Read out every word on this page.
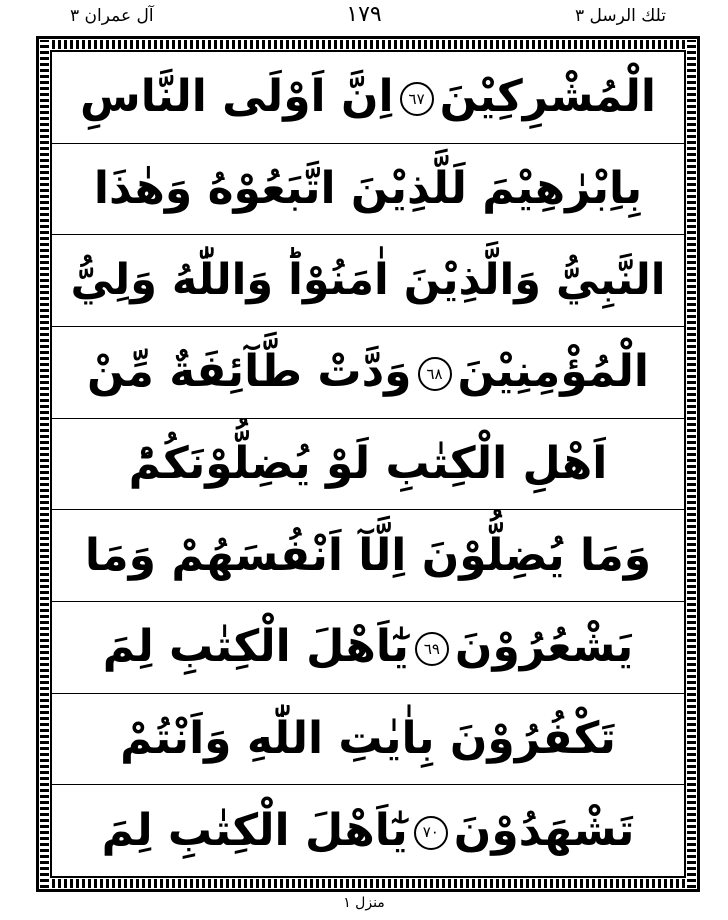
آل عمران ۳	١٧٩	تلك الرسل ۳
الْمُشْرِكِيْنَ٦٧اِنَّ اَوْلَى النَّاسِ
بِاِبْرٰهِيْمَ لَلَّذِيْنَ اتَّبَعُوْهُ وَهٰذَا
النَّبِيُّ وَالَّذِيْنَ اٰمَنُوْاؕ وَاللّٰهُ وَلِيُّ
الْمُؤْمِنِيْنَ٦٨وَدَّتْ طَّآئِفَةٌ مِّنْ
اَهْلِ الْكِتٰبِ لَوْ يُضِلُّوْنَكُمْؕ
وَمَا يُضِلُّوْنَ اِلَّآ اَنْفُسَهُمْ وَمَا
يَشْعُرُوْنَ٦٩يٰٓاَهْلَ الْكِتٰبِ لِمَ
تَكْفُرُوْنَ بِاٰيٰتِ اللّٰهِ وَاَنْتُمْ
تَشْهَدُوْنَ٧٠يٰٓاَهْلَ الْكِتٰبِ لِمَ
منزل ۱
